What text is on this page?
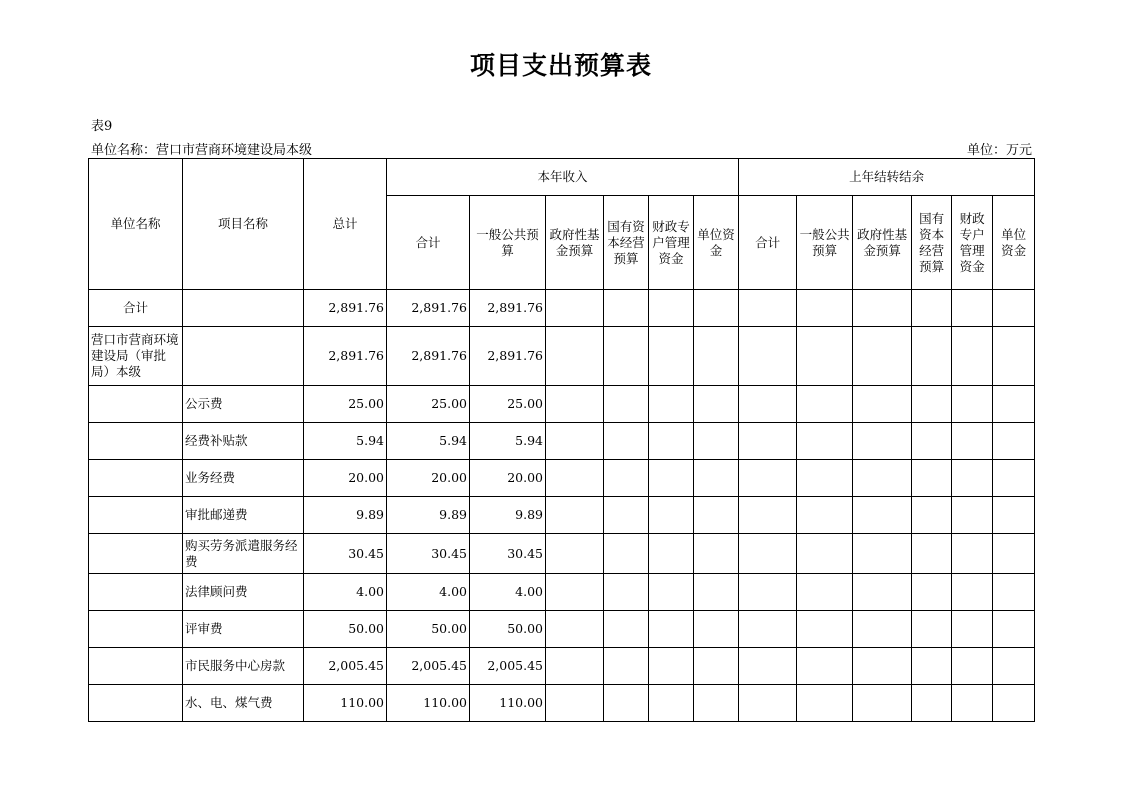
项目支出预算表
表9
单位名称：营口市营商环境建设局本级	单位：万元
单位名称	项目名称	总计	本年收入						上年结转结余					
			合计	一般公共预算	政府性基金预算	国有资本经营预算	财政专户管理资金	单位资金	合计	一般公共预算	政府性基金预算	国有资本经营预算	财政专户管理资金	单位资金
合计		2,891.76	2,891.76	2,891.76										
营口市营商环境建设局（审批局）本级		2,891.76	2,891.76	2,891.76										
	公示费	25.00	25.00	25.00										
	经费补贴款	5.94	5.94	5.94										
	业务经费	20.00	20.00	20.00										
	审批邮递费	9.89	9.89	9.89										
	购买劳务派遣服务经费	30.45	30.45	30.45										
	法律顾问费	4.00	4.00	4.00										
	评审费	50.00	50.00	50.00										
	市民服务中心房款	2,005.45	2,005.45	2,005.45										
	水、电、煤气费	110.00	110.00	110.00										
